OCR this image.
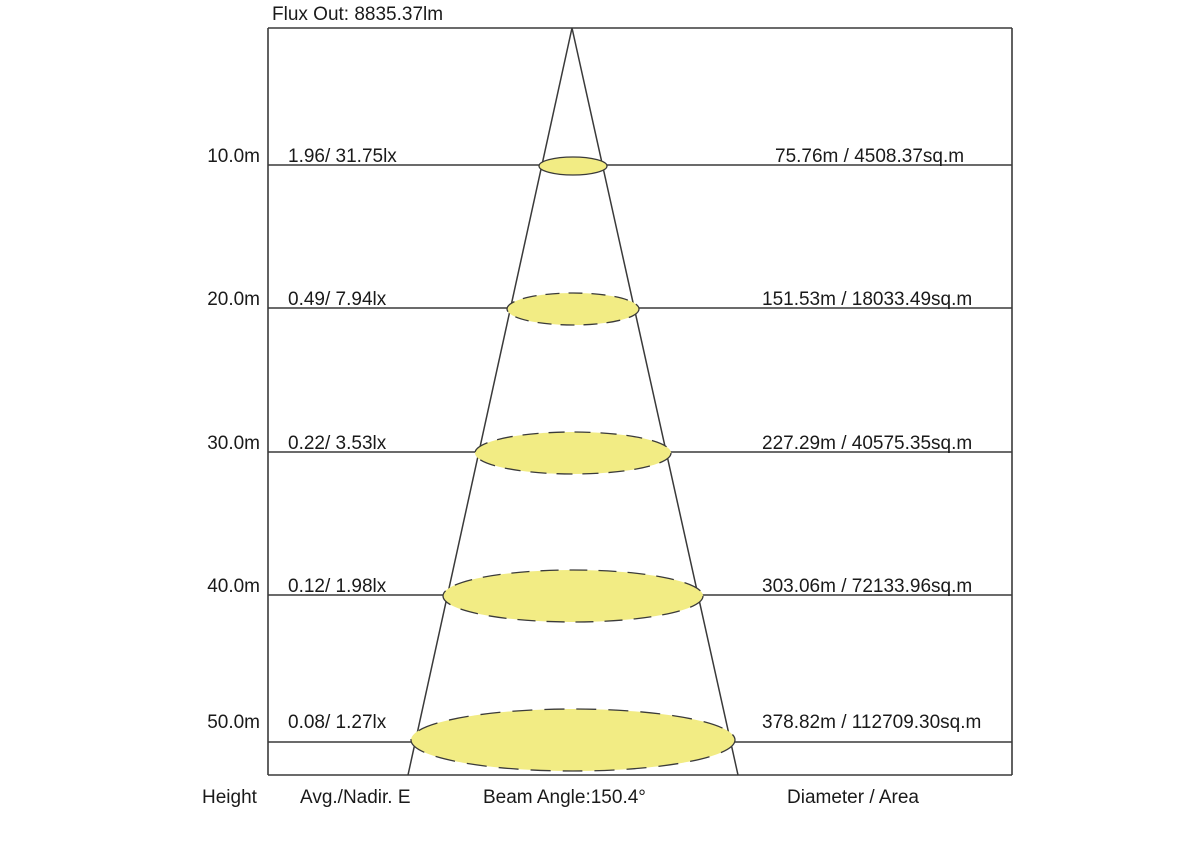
Flux Out: 8835.37lm
10.0m 1.96/ 31.75lx	75.76m / 4508.37sq.m
20.0m 0.49/ 7.94lx	151.53m / 18033.49sq.m
30.0m 0.22/ 3.53lx	227.29m / 40575.35sq.m
40.0m 0.12/ 1.98lx	303.06m / 72133.96sq.m
50.0m 0.08/ 1.27lx	378.82m / 112709.30sq.m
Height Avg./Nadir. E	Beam Angle:150.4°	Diameter / Area
